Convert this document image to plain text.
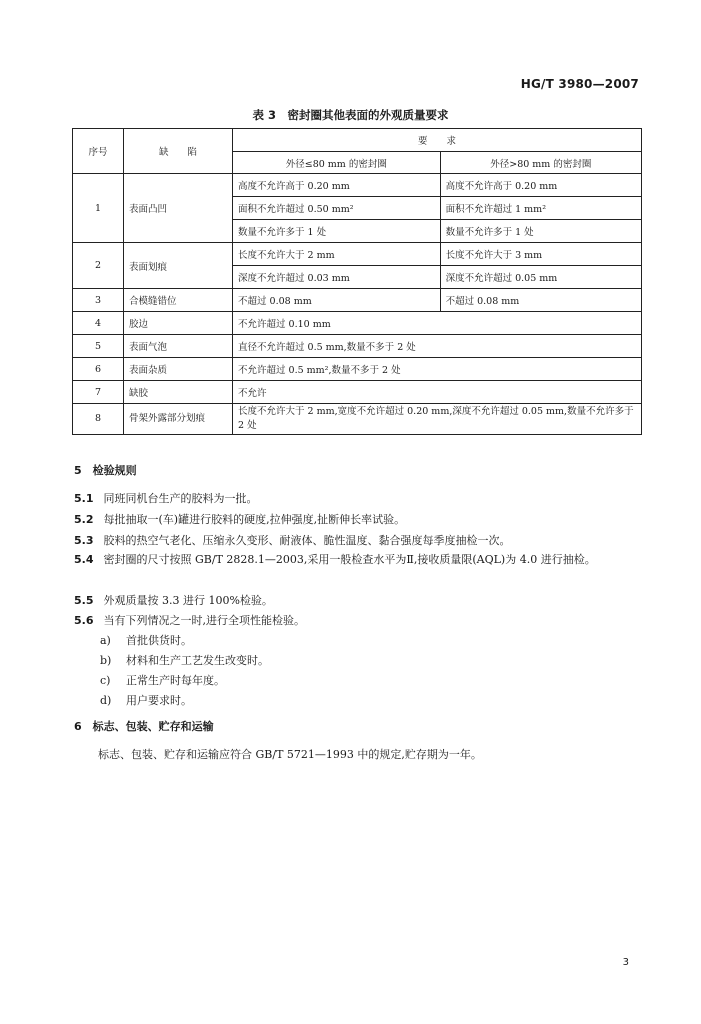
HG/T 3980—2007
表 3　密封圈其他表面的外观质量要求
序号	缺　　陷	要　　求	
		外径≤80 mm 的密封圈	外径>80 mm 的密封圈
1	表面凸凹	高度不允许高于 0.20 mm	高度不允许高于 0.20 mm
		面积不允许超过 0.50 mm²	面积不允许超过 1 mm²
		数量不允许多于 1 处	数量不允许多于 1 处
2	表面划痕	长度不允许大于 2 mm	长度不允许大于 3 mm
		深度不允许超过 0.03 mm	深度不允许超过 0.05 mm
3	合模缝错位	不超过 0.08 mm	不超过 0.08 mm
4	胶边	不允许超过 0.10 mm	
5	表面气泡	直径不允许超过 0.5 mm,数量不多于 2 处	
6	表面杂质	不允许超过 0.5 mm²,数量不多于 2 处	
7	缺胶	不允许	
8	骨架外露部分划痕	长度不允许大于 2 mm,宽度不允许超过 0.20 mm,深度不允许超过 0.05 mm,数量不允许多于 2 处	
5　检验规则
5.1 同班同机台生产的胶料为一批。
5.2 每批抽取一(车)罐进行胶料的硬度,拉伸强度,扯断伸长率试验。
5.3 胶料的热空气老化、压缩永久变形、耐液体、脆性温度、黏合强度每季度抽检一次。
5.4 密封圈的尺寸按照 GB/T 2828.1—2003,采用一般检查水平为Ⅱ,接收质量限(AQL)为 4.0 进行抽检。
5.5 外观质量按 3.3 进行 100%检验。
5.6 当有下列情况之一时,进行全项性能检验。
a) 首批供货时。
b) 材料和生产工艺发生改变时。
c) 正常生产时每年度。
d) 用户要求时。
6　标志、包装、贮存和运输
标志、包装、贮存和运输应符合 GB/T 5721—1993 中的规定,贮存期为一年。
3
